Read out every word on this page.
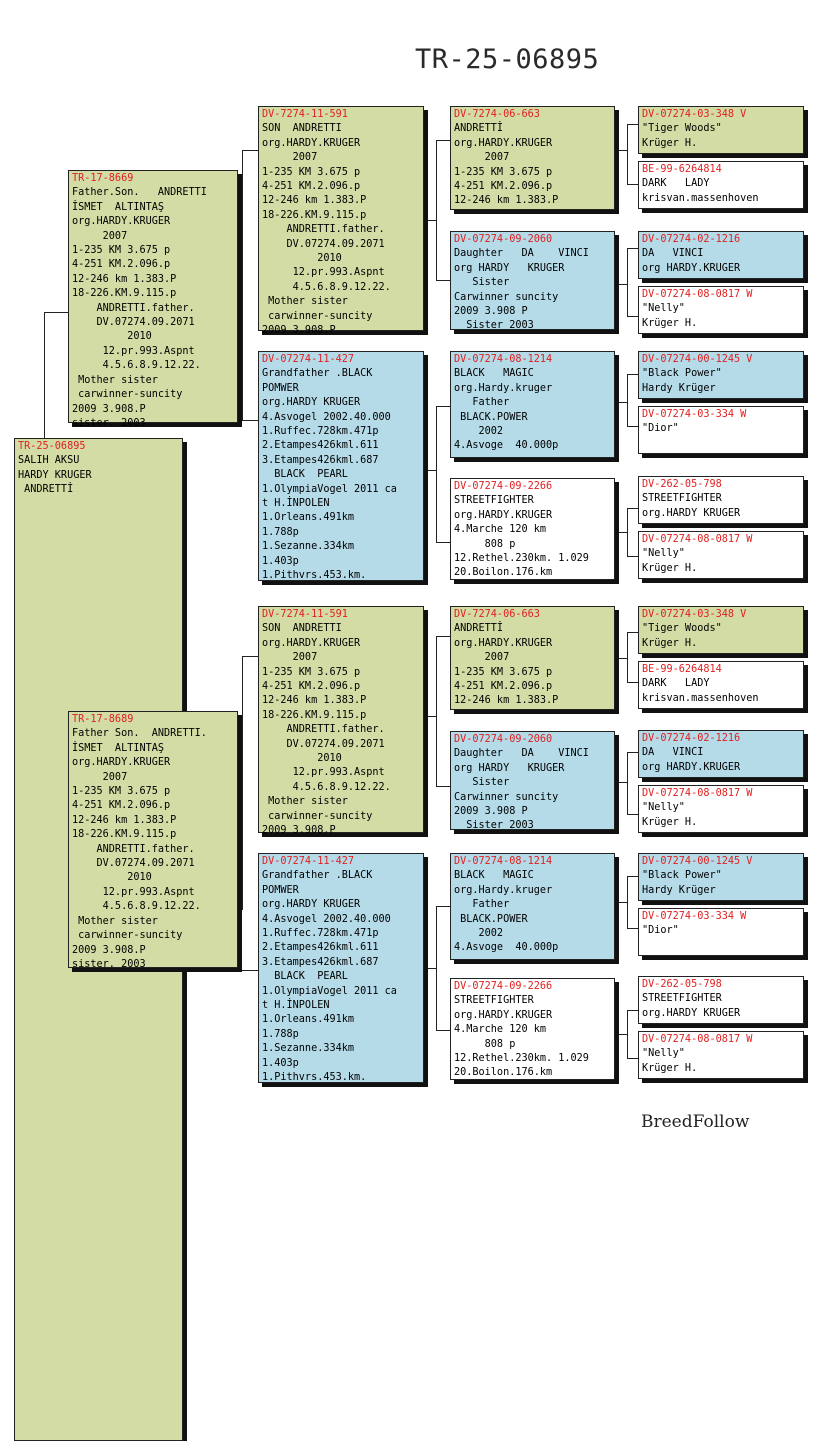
TR-25-06895
BreedFollow
TR-25-06895
SALIH AKSU
HARDY KRUGER
ANDRETTİ
TR-17-8669
Father.Son.   ANDRETTI
İSMET  ALTINTAŞ
org.HARDY.KRUGER
2007
1-235 KM 3.675 p
4-251 KM.2.096.p
12-246 km 1.383.P
18-226.KM.9.115.p
ANDRETTI.father.
DV.07274.09.2071
2010
12.pr.993.Aspnt
4.5.6.8.9.12.22.
Mother sister
carwinner-suncity
2009 3.908.P
sister. 2003
TR-17-8689
Father Son.  ANDRETTI.
İSMET  ALTINTAŞ
org.HARDY.KRUGER
2007
1-235 KM 3.675 p
4-251 KM.2.096.p
12-246 km 1.383.P
18-226.KM.9.115.p
ANDRETTI.father.
DV.07274.09.2071
2010
12.pr.993.Aspnt
4.5.6.8.9.12.22.
Mother sister
carwinner-suncity
2009 3.908.P
sister. 2003
DV-7274-11-591
SON  ANDRETTI
org.HARDY.KRUGER
2007
1-235 KM 3.675 p
4-251 KM.2.096.p
12-246 km 1.383.P
18-226.KM.9.115.p
ANDRETTI.father.
DV.07274.09.2071
2010
12.pr.993.Aspnt
4.5.6.8.9.12.22.
Mother sister
carwinner-suncity
2009 3.908.P
DV-07274-11-427
Grandfather .BLACK
POMWER
org.HARDY KRUGER
4.Asvogel 2002.40.000
1.Ruffec.728km.471p
2.Etampes426kml.611
3.Etampes426kml.687
BLACK  PEARL
1.OlympiaVogel 2011 ca
t H.İNPOLEN
1.Orleans.491km
1.788p
1.Sezanne.334km
1.403p
1.Pithvrs.453.km.
DV-7274-11-591
SON  ANDRETTI
org.HARDY.KRUGER
2007
1-235 KM 3.675 p
4-251 KM.2.096.p
12-246 km 1.383.P
18-226.KM.9.115.p
ANDRETTI.father.
DV.07274.09.2071
2010
12.pr.993.Aspnt
4.5.6.8.9.12.22.
Mother sister
carwinner-suncity
2009 3.908.P
DV-07274-11-427
Grandfather .BLACK
POMWER
org.HARDY KRUGER
4.Asvogel 2002.40.000
1.Ruffec.728km.471p
2.Etampes426kml.611
3.Etampes426kml.687
BLACK  PEARL
1.OlympiaVogel 2011 ca
t H.İNPOLEN
1.Orleans.491km
1.788p
1.Sezanne.334km
1.403p
1.Pithvrs.453.km.
DV-7274-06-663
ANDRETTİ
org.HARDY.KRUGER
2007
1-235 KM 3.675 p
4-251 KM.2.096.p
12-246 km 1.383.P
DV-07274-09-2060
Daughter   DA    VINCI
org HARDY   KRUGER
Sister
Carwinner suncity
2009 3.908 P
Sister 2003
DV-07274-08-1214
BLACK   MAGIC
org.Hardy.kruger
Father
BLACK.POWER
2002
4.Asvoge  40.000p
DV-07274-09-2266
STREETFIGHTER
org.HARDY.KRUGER
4.Marche 120 km
808 p
12.Rethel.230km. 1.029
20.Boilon.176.km
DV-7274-06-663
ANDRETTİ
org.HARDY.KRUGER
2007
1-235 KM 3.675 p
4-251 KM.2.096.p
12-246 km 1.383.P
DV-07274-09-2060
Daughter   DA    VINCI
org HARDY   KRUGER
Sister
Carwinner suncity
2009 3.908 P
Sister 2003
DV-07274-08-1214
BLACK   MAGIC
org.Hardy.kruger
Father
BLACK.POWER
2002
4.Asvoge  40.000p
DV-07274-09-2266
STREETFIGHTER
org.HARDY.KRUGER
4.Marche 120 km
808 p
12.Rethel.230km. 1.029
20.Boilon.176.km
DV-07274-03-348 V
"Tiger Woods"
Krüger H.
BE-99-6264814
DARK   LADY
krisvan.massenhoven
DV-07274-02-1216
DA   VINCI
org HARDY.KRUGER
DV-07274-08-0817 W
"Nelly"
Krüger H.
DV-07274-00-1245 V
"Black Power"
Hardy Krüger
DV-07274-03-334 W
"Dior"
DV-262-05-798
STREETFIGHTER
org.HARDY KRUGER
DV-07274-08-0817 W
"Nelly"
Krüger H.
DV-07274-03-348 V
"Tiger Woods"
Krüger H.
BE-99-6264814
DARK   LADY
krisvan.massenhoven
DV-07274-02-1216
DA   VINCI
org HARDY.KRUGER
DV-07274-08-0817 W
"Nelly"
Krüger H.
DV-07274-00-1245 V
"Black Power"
Hardy Krüger
DV-07274-03-334 W
"Dior"
DV-262-05-798
STREETFIGHTER
org.HARDY KRUGER
DV-07274-08-0817 W
"Nelly"
Krüger H.
